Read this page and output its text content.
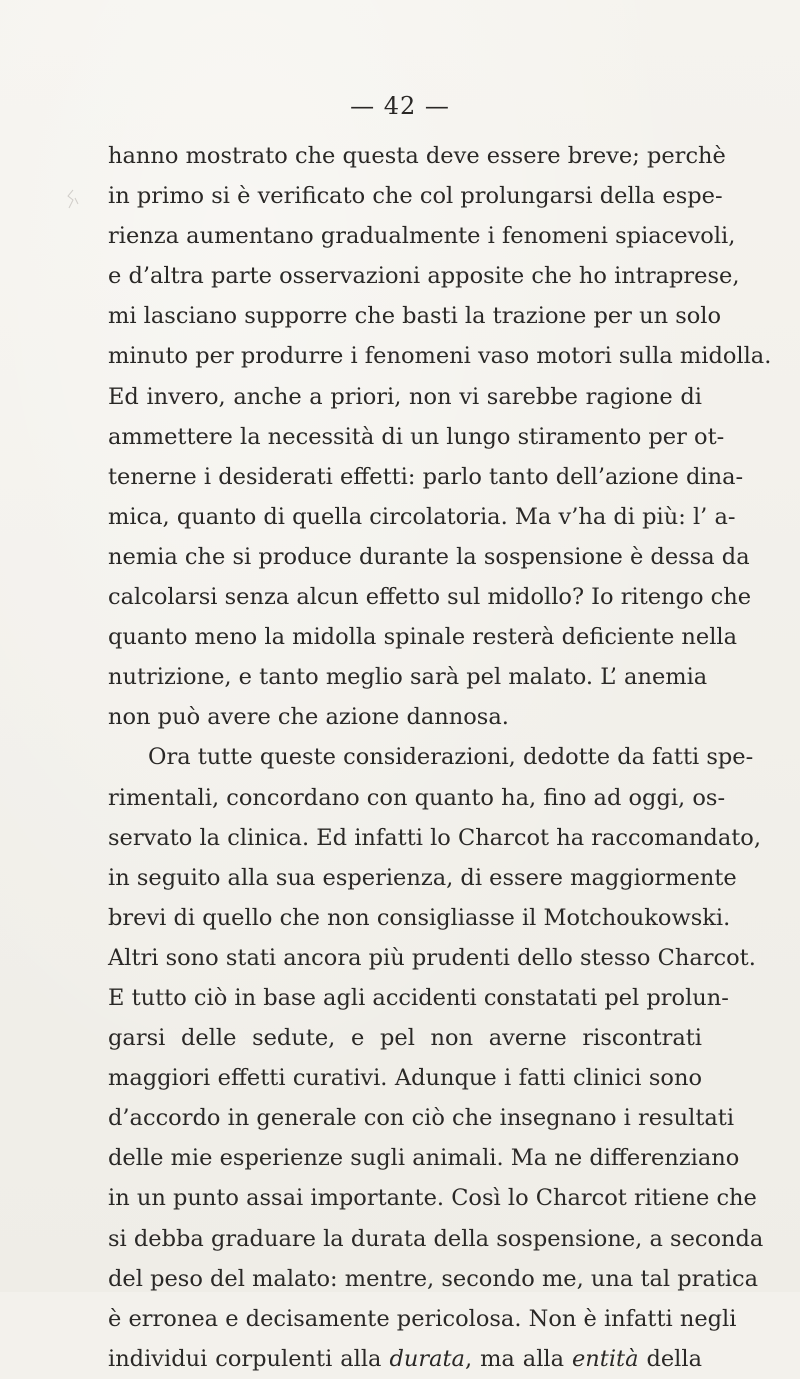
— 42 —
hanno mostrato che questa deve essere breve; perchè
in primo si è verificato che col prolungarsi della espe-
rienza aumentano gradualmente i fenomeni spiacevoli,
e d’altra parte osservazioni apposite che ho intraprese,
mi lasciano supporre che basti la trazione per un solo
minuto per produrre i fenomeni vaso motori sulla midolla.
Ed invero, anche a priori, non vi sarebbe ragione di
ammettere la necessità di un lungo stiramento per ot-
tenerne i desiderati effetti: parlo tanto dell’azione dina-
mica, quanto di quella circolatoria. Ma v’ha di più: l’ a-
nemia che si produce durante la sospensione è dessa da
calcolarsi senza alcun effetto sul midollo? Io ritengo che
quanto meno la midolla spinale resterà deficiente nella
nutrizione, e tanto meglio sarà pel malato. L’ anemia
non può avere che azione dannosa.
Ora tutte queste considerazioni, dedotte da fatti spe-
rimentali, concordano con quanto ha, fino ad oggi, os-
servato la clinica. Ed infatti lo Charcot ha raccomandato,
in seguito alla sua esperienza, di essere maggiormente
brevi di quello che non consigliasse il Motchoukowski.
Altri sono stati ancora più prudenti dello stesso Charcot.
E tutto ciò in base agli accidenti constatati pel prolun-
garsi delle sedute, e pel non averne riscontrati
maggiori effetti curativi. Adunque i fatti clinici sono
d’accordo in generale con ciò che insegnano i resultati
delle mie esperienze sugli animali. Ma ne differenziano
in un punto assai importante. Così lo Charcot ritiene che
si debba graduare la durata della sospensione, a seconda
del peso del malato: mentre, secondo me, una tal pratica
è erronea e decisamente pericolosa. Non è infatti negli
individui corpulenti alla durata, ma alla entità della
